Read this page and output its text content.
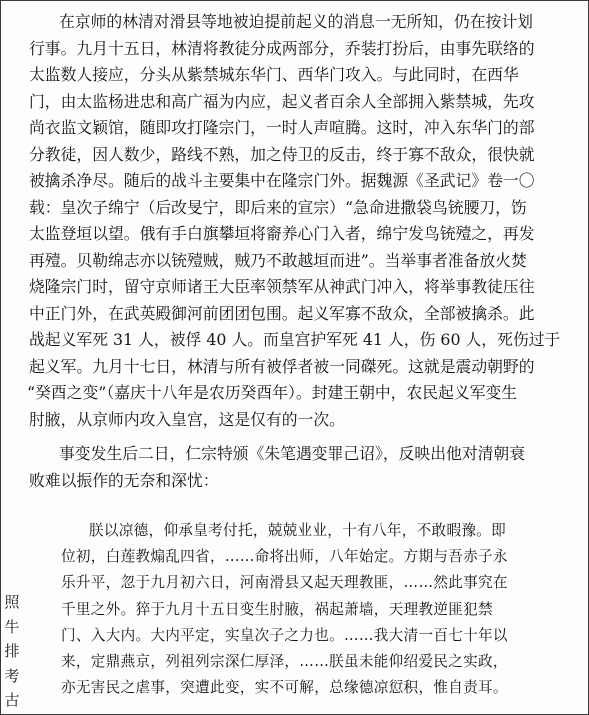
在京师的林清对滑县等地被迫提前起义的消息一无所知，仍在按计划
行事。九月十五日，林清将教徒分成两部分，乔装打扮后，由事先联络的
太监数人接应，分头从紫禁城东华门、西华门攻入。与此同时，在西华
门，由太监杨进忠和高广福为内应，起义者百余人全部拥入紫禁城，先攻
尚衣监文颖馆，随即攻打隆宗门，一时人声喧腾。这时，冲入东华门的部
分教徒，因人数少，路线不熟，加之侍卫的反击，终于寡不敌众，很快就
被擒杀净尽。随后的战斗主要集中在隆宗门外。据魏源《圣武记》卷一〇
载：皇次子绵宁（后改旻宁，即后来的宣宗）“急命进撒袋鸟铳腰刀，饬
太监登垣以望。俄有手白旗攀垣将窬养心门入者，绵宁发鸟铳殪之，再发
再殪。贝勒绵志亦以铳殪贼，贼乃不敢越垣而进”。当举事者准备放火焚
烧隆宗门时，留守京师诸王大臣率领禁军从神武门冲入，将举事教徒压往
中正门外，在武英殿御河前团团包围。起义军寡不敌众，全部被擒杀。此
战起义军死 31 人，被俘 40 人。而皇宫护军死 41 人，伤 60 人，死伤过于
起义军。九月十七日，林清与所有被俘者被一同磔死。这就是震动朝野的
“癸酉之变”（嘉庆十八年是农历癸酉年）。封建王朝中，农民起义军变生
肘腋，从京师内攻入皇宫，这是仅有的一次。
事变发生后二日，仁宗特颁《朱笔遇变罪己诏》，反映出他对清朝衰
败难以振作的无奈和深忧：
朕以凉德，仰承皇考付托，兢兢业业，十有八年，不敢暇豫。即
位初，白莲教煽乱四省，……命将出师，八年始定。方期与吾赤子永
乐升平，忽于九月初六日，河南滑县又起天理教匪，……然此事究在
千里之外。猝于九月十五日变生肘腋，祸起萧墙，天理教逆匪犯禁
门、入大内。大内平定，实皇次子之力也。……我大清一百七十年以
来，定鼎燕京，列祖列宗深仁厚泽，……朕虽未能仰绍爱民之实政，
亦无害民之虐事，突遭此变，实不可解，总缘德凉愆积，惟自责耳。
照
牛
排
考
古
